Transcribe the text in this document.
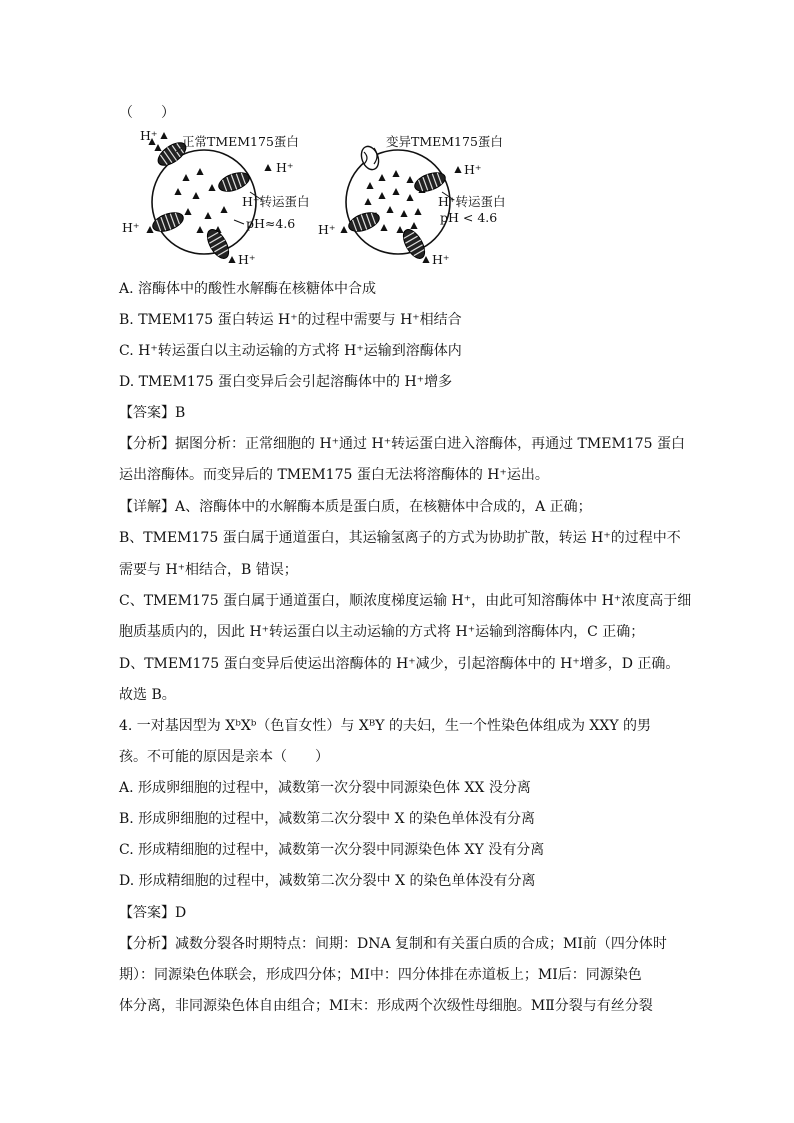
（　　）
H⁺
H⁺
H⁺
H⁺
正常TMEM175蛋白
H⁺转运蛋白
pH≈4.6
H⁺
H⁺
H⁺
变异TMEM175蛋白
H⁺转运蛋白
pH < 4.6
A. 溶酶体中的酸性水解酶在核糖体中合成
B. TMEM175 蛋白转运 H⁺的过程中需要与 H⁺相结合
C. H⁺转运蛋白以主动运输的方式将 H⁺运输到溶酶体内
D. TMEM175 蛋白变异后会引起溶酶体中的 H⁺增多
【答案】B
【分析】据图分析：正常细胞的 H⁺通过 H⁺转运蛋白进入溶酶体，再通过 TMEM175 蛋白
运出溶酶体。而变异后的 TMEM175 蛋白无法将溶酶体的 H⁺运出。
【详解】A、溶酶体中的水解酶本质是蛋白质，在核糖体中合成的，A 正确；
B、TMEM175 蛋白属于通道蛋白，其运输氢离子的方式为协助扩散，转运 H⁺的过程中不
需要与 H⁺相结合，B 错误；
C、TMEM175 蛋白属于通道蛋白，顺浓度梯度运输 H⁺，由此可知溶酶体中 H⁺浓度高于细
胞质基质内的，因此 H⁺转运蛋白以主动运输的方式将 H⁺运输到溶酶体内，C 正确；
D、TMEM175 蛋白变异后使运出溶酶体的 H⁺减少，引起溶酶体中的 H⁺增多，D 正确。
故选 B。
4. 一对基因型为 XᵇXᵇ（色盲女性）与 XᴮY 的夫妇，生一个性染色体组成为 XXY 的男
孩。不可能的原因是亲本（　　）
A. 形成卵细胞的过程中，减数第一次分裂中同源染色体 XX 没分离
B. 形成卵细胞的过程中，减数第二次分裂中 X 的染色单体没有分离
C. 形成精细胞的过程中，减数第一次分裂中同源染色体 XY 没有分离
D. 形成精细胞的过程中，减数第二次分裂中 X 的染色单体没有分离
【答案】D
【分析】减数分裂各时期特点：间期：DNA 复制和有关蛋白质的合成；MⅠ前（四分体时
期）：同源染色体联会，形成四分体；MⅠ中：四分体排在赤道板上；MⅠ后：同源染色
体分离，非同源染色体自由组合；MⅠ末：形成两个次级性母细胞。MⅡ分裂与有丝分裂
